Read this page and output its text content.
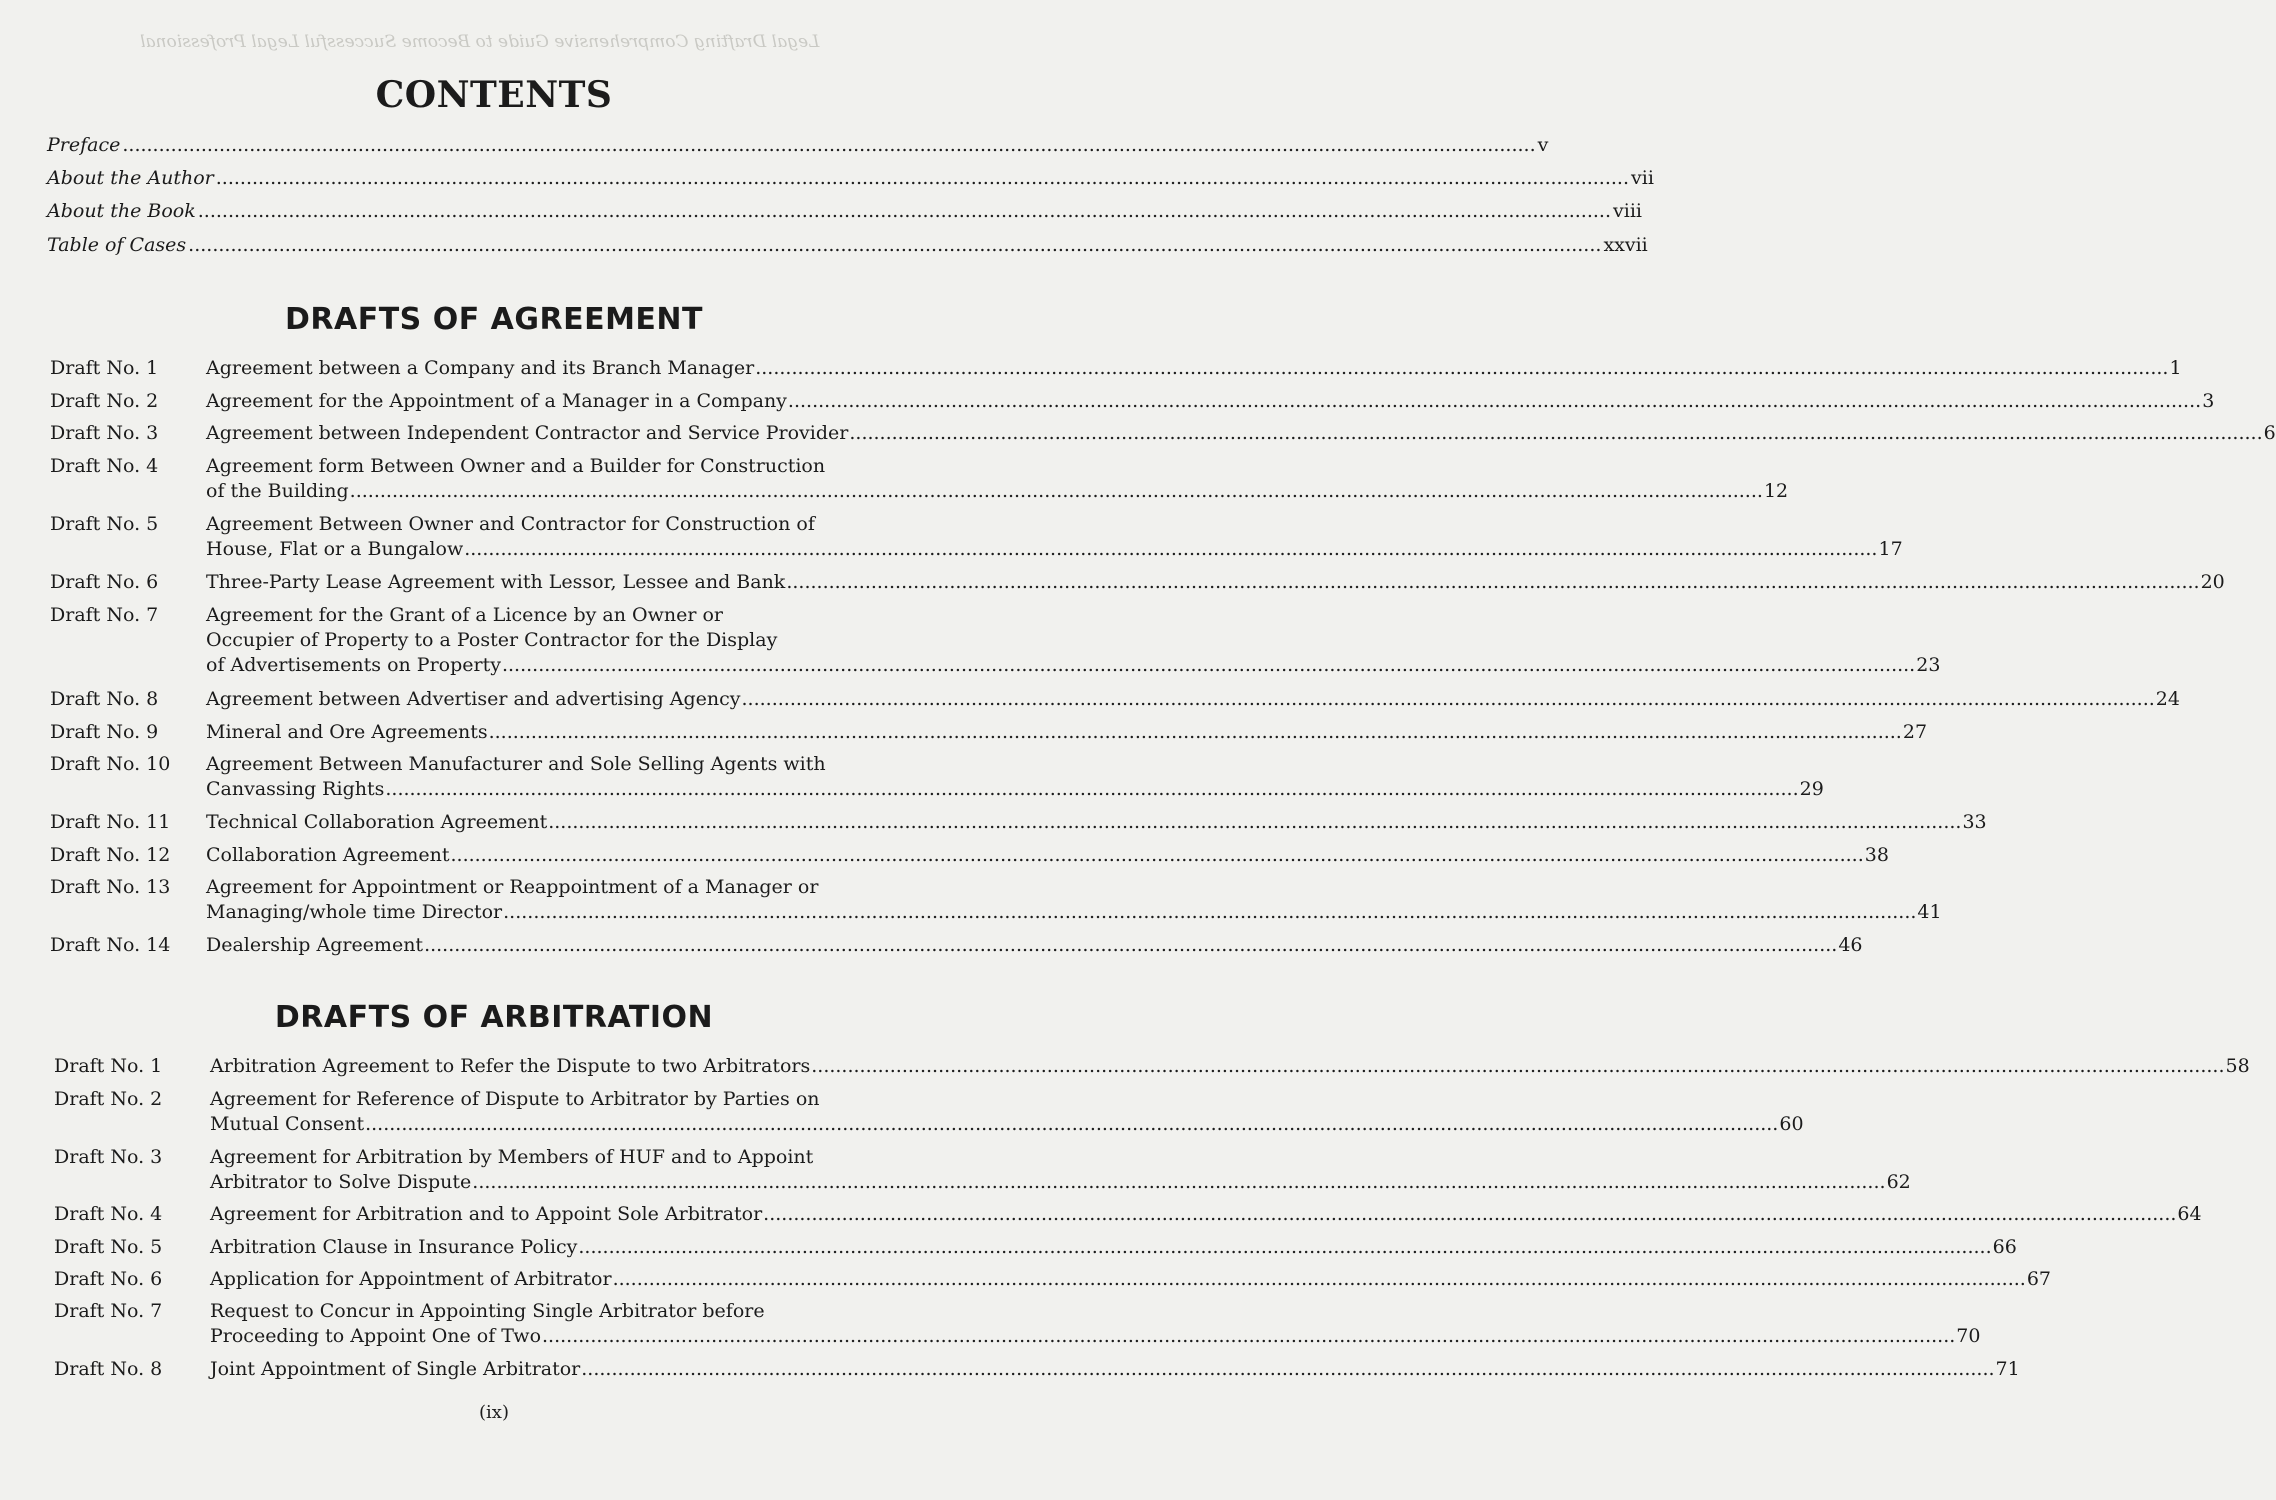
Legal Drafting Comprehensive Guide to Become Successful Legal Professional
CONTENTS
Preface .....	v
About the Author .....	vii
About the Book .....	viii
Table of Cases .....	xxvii
DRAFTS OF AGREEMENT
Draft No. 1	Agreement between a Company and its Branch Manager .....	1
Draft No. 2	Agreement for the Appointment of a Manager in a Company .....	3
Draft No. 3	Agreement between Independent Contractor and Service Provider .....	6
Draft No. 4	Agreement form Between Owner and a Builder for Construction
of the Building .....	12
Draft No. 5	Agreement Between Owner and Contractor for Construction of
House, Flat or a Bungalow .....	17
Draft No. 6	Three-Party Lease Agreement with Lessor, Lessee and Bank .....	20
Draft No. 7	Agreement for the Grant of a Licence by an Owner or
Occupier of Property to a Poster Contractor for the Display
of Advertisements on Property .....	23
Draft No. 8	Agreement between Advertiser and advertising Agency .....	24
Draft No. 9	Mineral and Ore Agreements .....	27
Draft No. 10	Agreement Between Manufacturer and Sole Selling Agents with
Canvassing Rights .....	29
Draft No. 11	Technical Collaboration Agreement .....	33
Draft No. 12	Collaboration Agreement .....	38
Draft No. 13	Agreement for Appointment or Reappointment of a Manager or
Managing/whole time Director .....	41
Draft No. 14	Dealership Agreement .....	46
DRAFTS OF ARBITRATION
Draft No. 1	Arbitration Agreement to Refer the Dispute to two Arbitrators .....	58
Draft No. 2	Agreement for Reference of Dispute to Arbitrator by Parties on
Mutual Consent .....	60
Draft No. 3	Agreement for Arbitration by Members of HUF and to Appoint
Arbitrator to Solve Dispute .....	62
Draft No. 4	Agreement for Arbitration and to Appoint Sole Arbitrator .....	64
Draft No. 5	Arbitration Clause in Insurance Policy .....	66
Draft No. 6	Application for Appointment of Arbitrator .....	67
Draft No. 7	Request to Concur in Appointing Single Arbitrator before
Proceeding to Appoint One of Two .....	70
Draft No. 8	Joint Appointment of Single Arbitrator .....	71
(ix)
